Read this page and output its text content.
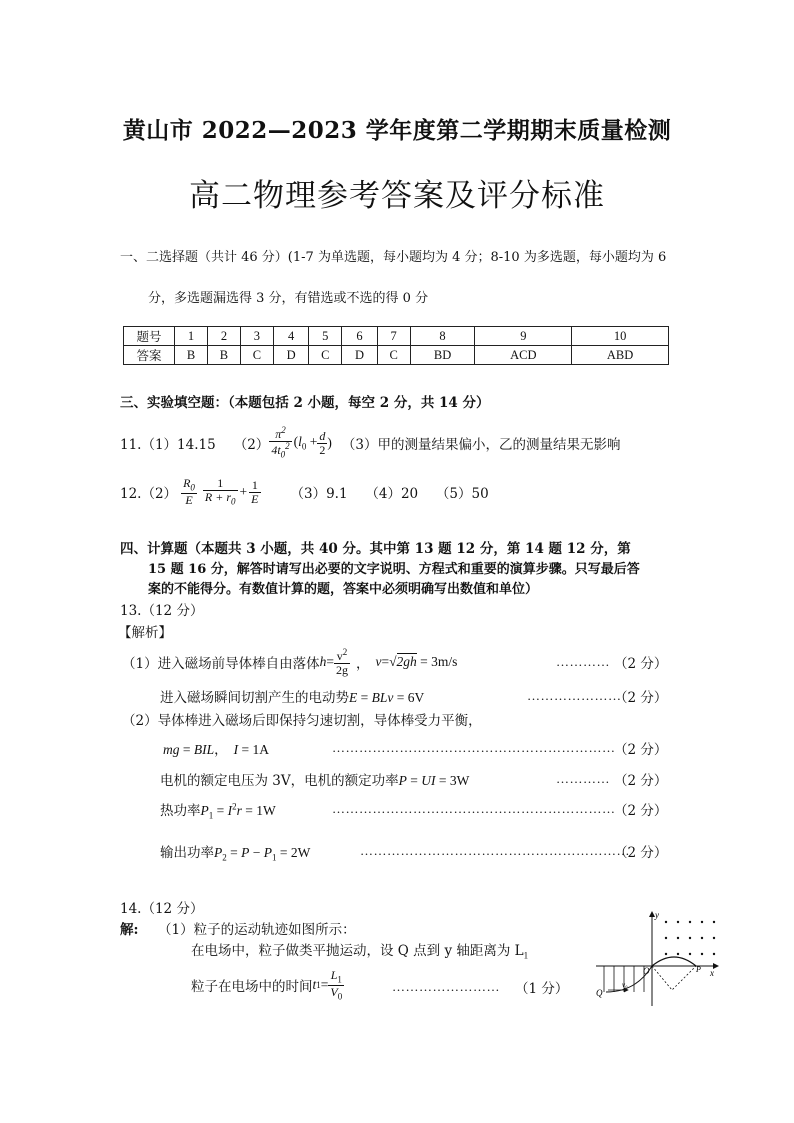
黄山市 2022—2023 学年度第二学期期末质量检测
高二物理参考答案及评分标准
一、二选择题（共计 46 分）(1-7 为单选题，每小题均为 4 分；8-10 为多选题，每小题均为 6
分，多选题漏选得 3 分，有错选或不选的得 0 分
题号	1	2	3	4	5	6	7	8	9	10
答案	B	B	C	D	C	D	C	BD	ACD	ABD
三、实验填空题：（本题包括 2 小题，每空 2 分，共 14 分）
11.（1）14.15 $(2) \frac{\pi^2}{4t_0^2} (l_0 + \frac{d}{2}$ ) （3）甲的测量结果偏小，乙的测量结果无影响
$12.(2) \frac{R_0}{E} \frac{1}{R + r_0} + \frac{1}{E} (3)9.1$　 （4）20　 （5）50
四、计算题（本题共 3 小题，共 40 分。其中第 13 题 12 分，第 14 题 12 分，第
15 题 16 分，解答时请写出必要的文字说明、方程式和重要的演算步骤。只写最后答
案的不能得分。有数值计算的题，答案中必须明确写出数值和单位）
13.（12 分）
【解析】
（1）进入磁场前导体棒自由落体 $h = \frac{v^2}{2g}$ ， v = √2gh = 3m/s	………… （2 分）
进入磁场瞬间切割产生的电动势E = BLv = 6V	…………………
（2 分）
（2）导体棒进入磁场后即保持匀速切割，导体棒受力平衡，
mg = BIL， I = 1A	………………………………………………………
（2 分）
电机的额定电压为 3V，电机的额定功率P = UI = 3W	………… （2 分）
热功率$P_1 = I^2r = 1W$	………………………………………………………
（2 分）
输出功率$P_2 = P - P_1 = 2W$	……………………………………………………
（2 分）
14.（12 分）
解: （1）粒子的运动轨迹如图所示：
在电场中，粒子做类平抛运动，设 Q 点到 y 轴距离为 $L_1$
粒子在电场中的时间 t $1 = \frac{L_1}{V_0}$	…………………… （1 分）
y
x
O
Q
P
v₀
